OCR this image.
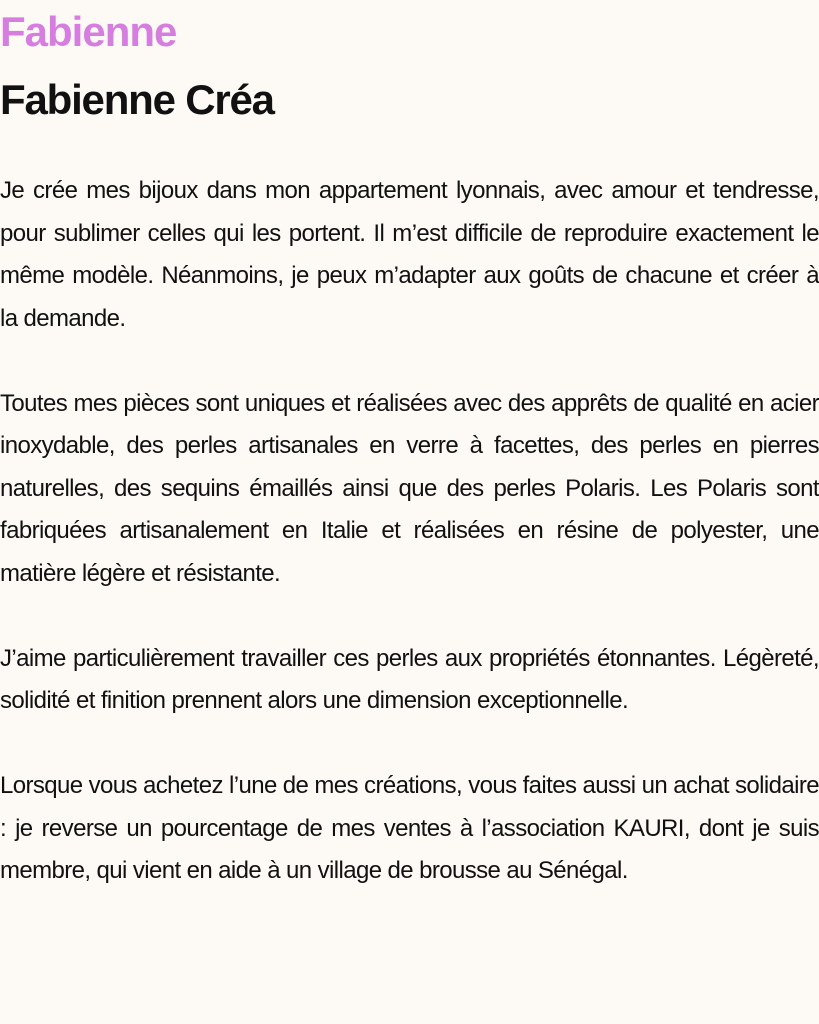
Fabienne
Fabienne Créa

Je crée mes bijoux dans mon appartement lyonnais, avec amour et tendresse, pour sublimer celles qui les portent. Il m’est difficile de reproduire exactement le même modèle. Néanmoins, je peux m’adapter aux goûts de chacune et créer à la demande.

Toutes mes pièces sont uniques et réalisées avec des apprêts de qualité en acier inoxydable, des perles artisanales en verre à facettes, des perles en pierres naturelles, des sequins émaillés ainsi que des perles Polaris. Les Polaris sont fabriquées artisanalement en Italie et réalisées en résine de polyester, une matière légère et résistante.

J’aime particulièrement travailler ces perles aux propriétés étonnantes. Légèreté, solidité et finition prennent alors une dimension exceptionnelle.

Lorsque vous achetez l’une de mes créations, vous faites aussi un achat solidaire : je reverse un pourcentage de mes ventes à l’association KAURI, dont je suis membre, qui vient en aide à un village de brousse au Sénégal.
